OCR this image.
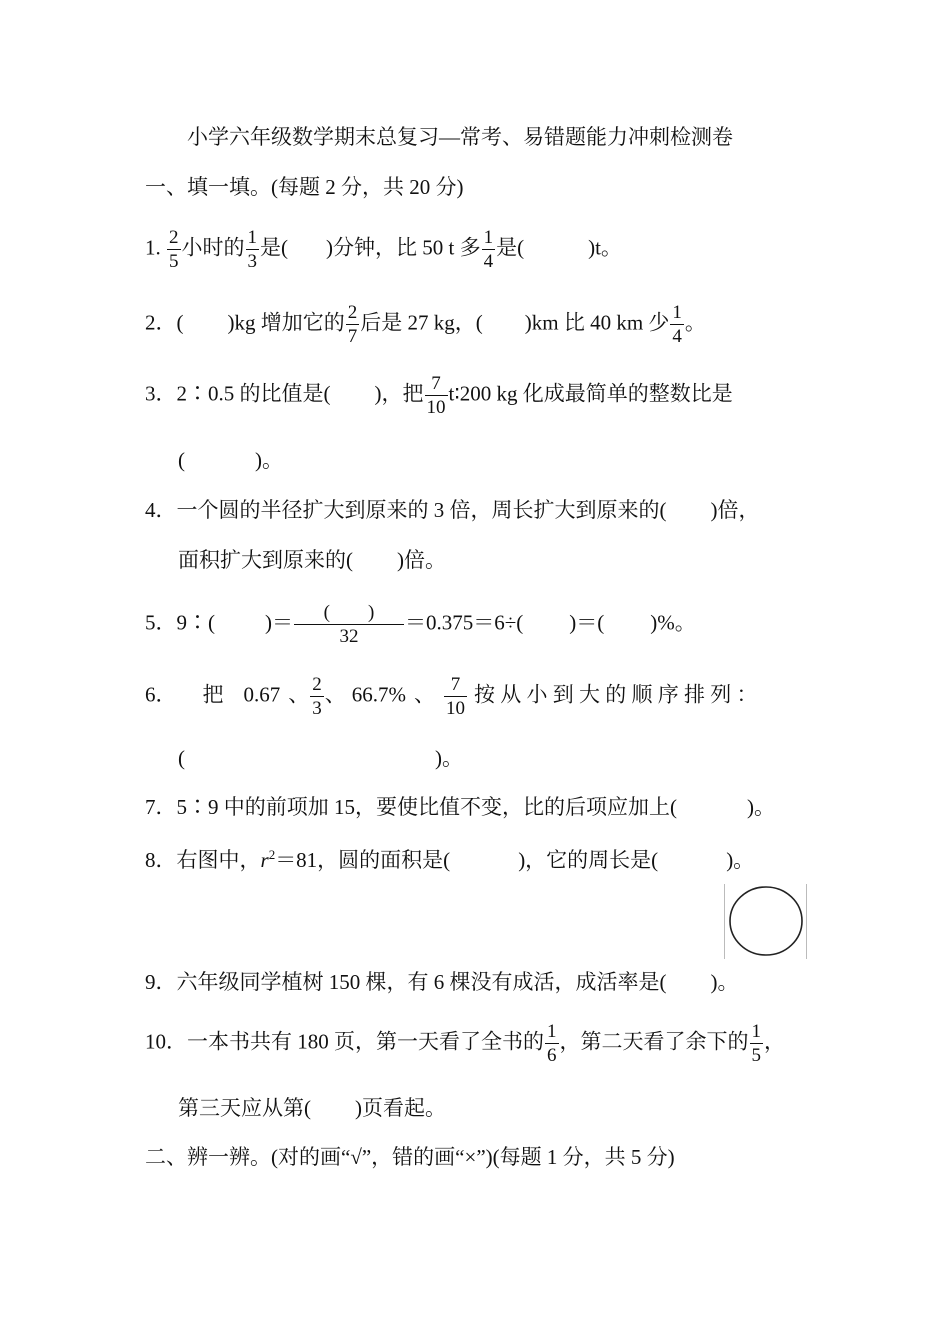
小学六年级数学期末总复习—常考、易错题能力冲刺检测卷
一、填一填。(每题 2 分，共 20 分)
1. $\frac{2}{5}$ 小时的 $\frac{1}{3}$ 是( )分钟，比 50 t 多 $\frac{1}{4}$ 是(	)t。
2．( )kg 增加它的 $\frac{2}{7}$ 后是 27 kg，( )km 比 40 km 少 $\frac{1}{4}$ 。
3．2∶0.5 的比值是( )，把 $\frac{7}{10}$ t∶200 kg 化成最简单的整数比是
(	)。
4．一个圆的半径扩大到原来的 3 倍，周长扩大到原来的( )倍，
面积扩大到原来的( )倍。
5．9∶( )＝ $\frac{( )}{32} =0.375=6\div$( )＝( )%。
6． 把 0.67 、 $\frac{2}{3}$ 、 66.7% 、 $\frac{7}{10}$ 按 从 小 到 大 的 顺 序 排 列 ：
(	)。
7．5∶9 中的前项加 15，要使比值不变，比的后项应加上(	)。
8．右图中，$r^2=81$，圆的面积是(	)，它的周长是(	)。
9．六年级同学植树 150 棵，有 6 棵没有成活，成活率是( )。
10．一本书共有 180 页，第一天看了全书的 $\frac{1}{6}$ ，第二天看了余下的 $\frac{1}{5}$ ，
第三天应从第( )页看起。
二、辨一辨。(对的画“√”，错的画“×”)(每题 1 分，共 5 分)
